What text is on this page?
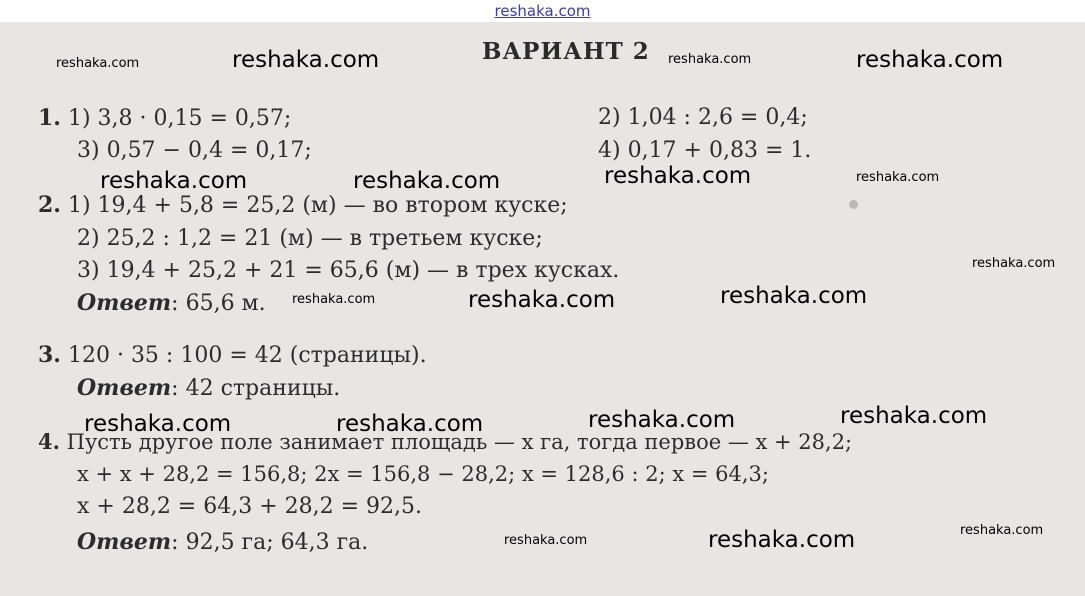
reshaka.com
ВАРИАНТ 2
1. 1) 3,8 · 0,15 = 0,57;	2) 1,04 : 2,6 = 0,4;
3) 0,57 − 0,4 = 0,17;	4) 0,17 + 0,83 = 1.
2. 1) 19,4 + 5,8 = 25,2 (м) — во втором куске;
2) 25,2 : 1,2 = 21 (м) — в третьем куске;
3) 19,4 + 25,2 + 21 = 65,6 (м) — в трех кусках.
Ответ: 65,6 м.
3. 120 · 35 : 100 = 42 (страницы).
Ответ: 42 страницы.
4. Пусть другое поле занимает площадь — x га, тогда первое — x + 28,2;
x + x + 28,2 = 156,8; 2x = 156,8 − 28,2; x = 128,6 : 2; x = 64,3;
x + 28,2 = 64,3 + 28,2 = 92,5.
Ответ: 92,5 га; 64,3 га.
reshaka.com	reshaka.com	reshaka.com	reshaka.com
reshaka.com	reshaka.com	reshaka.com	reshaka.com
reshaka.com
reshaka.com	reshaka.com	reshaka.com
reshaka.com	reshaka.com	reshaka.com	reshaka.com
reshaka.com	reshaka.com	reshaka.com
